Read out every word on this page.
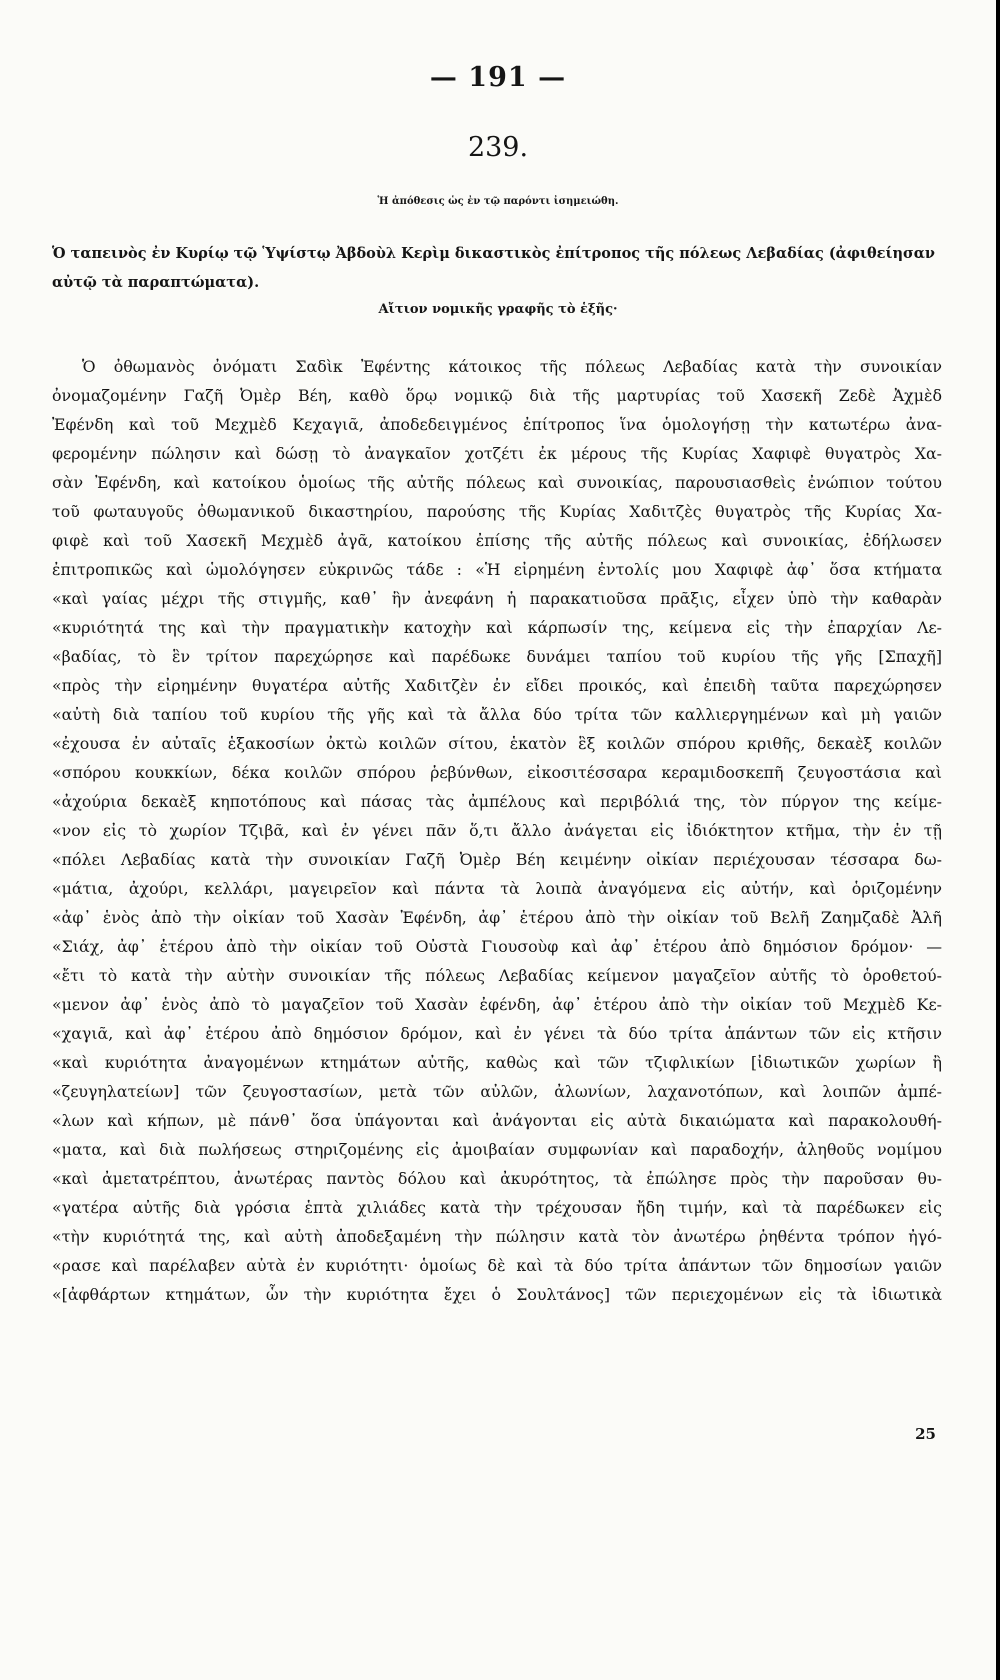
— 191 —
239.
Ἡ ἀπόθεσις ὡς ἐν τῷ παρόντι ἰσημειώθη.
Ὁ ταπεινὸς ἐν Κυρίῳ τῷ Ὑψίστῳ Ἀβδοὺλ Κερὶμ δικαστικὸς ἐπίτροπος τῆς πόλεως Λεβαδίας (ἀφιθείησαν αὐτῷ τὰ παραπτώματα).
Αἴτιον νομικῆς γραφῆς τὸ ἑξῆς·
Ὁ ὀθωμανὸς ὀνόματι Σαδὶκ Ἐφέντης κάτοικος τῆς πόλεως Λεβαδίας κατὰ τὴν συνοικίαν
ὀνομαζομένην Γαζῆ Ὀμὲρ Βέη, καθὸ ὅρῳ νομικῷ διὰ τῆς μαρτυρίας τοῦ Χασεκῆ Ζεδὲ Ἀχμὲδ
Ἐφένδη καὶ τοῦ Μεχμὲδ Κεχαγιᾶ, ἀποδεδειγμένος ἐπίτροπος ἵνα ὁμολογήσῃ τὴν κατωτέρω ἀνα-
φερομένην πώλησιν καὶ δώσῃ τὸ ἀναγκαῖον χοτζέτι ἐκ μέρους τῆς Κυρίας Χαφιφὲ θυγατρὸς Χα-
σὰν Ἐφένδη, καὶ κατοίκου ὁμοίως τῆς αὐτῆς πόλεως καὶ συνοικίας, παρουσιασθεὶς ἐνώπιον τούτου
τοῦ φωταυγοῦς ὀθωμανικοῦ δικαστηρίου, παρούσης τῆς Κυρίας Χαδιτζὲς θυγατρὸς τῆς Κυρίας Χα-
φιφὲ καὶ τοῦ Χασεκῆ Μεχμὲδ ἀγᾶ, κατοίκου ἐπίσης τῆς αὐτῆς πόλεως καὶ συνοικίας, ἐδήλωσεν
ἐπιτροπικῶς καὶ ὡμολόγησεν εὐκρινῶς τάδε : «Ἡ εἰρημένη ἐντολίς μου Χαφιφὲ ἀφ᾽ ὅσα κτήματα
«καὶ γαίας μέχρι τῆς στιγμῆς, καθ᾽ ἣν ἀνεφάνη ἡ παρακατιοῦσα πρᾶξις, εἶχεν ὑπὸ τὴν καθαρὰν
«κυριότητά της καὶ τὴν πραγματικὴν κατοχὴν καὶ κάρπωσίν της, κείμενα εἰς τὴν ἐπαρχίαν Λε-
«βαδίας, τὸ ἓν τρίτον παρεχώρησε καὶ παρέδωκε δυνάμει ταπίου τοῦ κυρίου τῆς γῆς [Σπαχῆ]
«πρὸς τὴν εἰρημένην θυγατέρα αὐτῆς Χαδιτζὲν ἐν εἴδει προικός, καὶ ἐπειδὴ ταῦτα παρεχώρησεν
«αὐτὴ διὰ ταπίου τοῦ κυρίου τῆς γῆς καὶ τὰ ἄλλα δύο τρίτα τῶν καλλιεργημένων καὶ μὴ γαιῶν
«ἐχουσα ἐν αὐταῖς ἑξακοσίων ὀκτὼ κοιλῶν σίτου, ἑκατὸν ἓξ κοιλῶν σπόρου κριθῆς, δεκαὲξ κοιλῶν
«σπόρου κουκκίων, δέκα κοιλῶν σπόρου ῥεβύνθων, εἰκοσιτέσσαρα κεραμιδοσκεπῆ ζευγοστάσια καὶ
«ἀχούρια δεκαὲξ κηποτόπους καὶ πάσας τὰς ἀμπέλους καὶ περιβόλιά της, τὸν πύργον της κείμε-
«νον εἰς τὸ χωρίον Τζιβᾶ, καὶ ἐν γένει πᾶν ὅ,τι ἄλλο ἀνάγεται εἰς ἰδιόκτητον κτῆμα, τὴν ἐν τῇ
«πόλει Λεβαδίας κατὰ τὴν συνοικίαν Γαζῆ Ὀμὲρ Βέη κειμένην οἰκίαν περιέχουσαν τέσσαρα δω-
«μάτια, ἀχούρι, κελλάρι, μαγειρεῖον καὶ πάντα τὰ λοιπὰ ἀναγόμενα εἰς αὐτήν, καὶ ὁριζομένην
«ἀφ᾽ ἑνὸς ἀπὸ τὴν οἰκίαν τοῦ Χασὰν Ἐφένδη, ἀφ᾽ ἑτέρου ἀπὸ τὴν οἰκίαν τοῦ Βελῆ Ζαημζαδὲ Ἀλῆ
«Σιάχ, ἀφ᾽ ἑτέρου ἀπὸ τὴν οἰκίαν τοῦ Οὐστὰ Γιουσοὺφ καὶ ἀφ᾽ ἑτέρου ἀπὸ δημόσιον δρόμον· —
«ἔτι τὸ κατὰ τὴν αὐτὴν συνοικίαν τῆς πόλεως Λεβαδίας κείμενον μαγαζεῖον αὐτῆς τὸ ὁροθετού-
«μενον ἀφ᾽ ἑνὸς ἀπὸ τὸ μαγαζεῖον τοῦ Χασὰν ἐφένδη, ἀφ᾽ ἑτέρου ἀπὸ τὴν οἰκίαν τοῦ Μεχμὲδ Κε-
«χαγιᾶ, καὶ ἀφ᾽ ἑτέρου ἀπὸ δημόσιον δρόμον, καὶ ἐν γένει τὰ δύο τρίτα ἁπάντων τῶν εἰς κτῆσιν
«καὶ κυριότητα ἀναγομένων κτημάτων αὐτῆς, καθὼς καὶ τῶν τζιφλικίων [ἰδιωτικῶν χωρίων ἢ
«ζευγηλατείων] τῶν ζευγοστασίων, μετὰ τῶν αὐλῶν, ἀλωνίων, λαχανοτόπων, καὶ λοιπῶν ἀμπέ-
«λων καὶ κήπων, μὲ πάνθ᾽ ὅσα ὑπάγονται καὶ ἀνάγονται εἰς αὐτὰ δικαιώματα καὶ παρακολουθή-
«ματα, καὶ διὰ πωλήσεως στηριζομένης εἰς ἀμοιβαίαν συμφωνίαν καὶ παραδοχήν, ἀληθοῦς νομίμου
«καὶ ἀμετατρέπτου, ἀνωτέρας παντὸς δόλου καὶ ἀκυρότητος, τὰ ἐπώλησε πρὸς τὴν παροῦσαν θυ-
«γατέρα αὐτῆς διὰ γρόσια ἑπτὰ χιλιάδες κατὰ τὴν τρέχουσαν ἤδη τιμήν, καὶ τὰ παρέδωκεν εἰς
«τὴν κυριότητά της, καὶ αὐτὴ ἀποδεξαμένη τὴν πώλησιν κατὰ τὸν ἀνωτέρω ῥηθέντα τρόπον ἠγό-
«ρασε καὶ παρέλαβεν αὐτὰ ἐν κυριότητι· ὁμοίως δὲ καὶ τὰ δύο τρίτα ἁπάντων τῶν δημοσίων γαιῶν
«[ἀφθάρτων κτημάτων, ὧν τὴν κυριότητα ἔχει ὁ Σουλτάνος] τῶν περιεχομένων εἰς τὰ ἰδιωτικὰ
25
